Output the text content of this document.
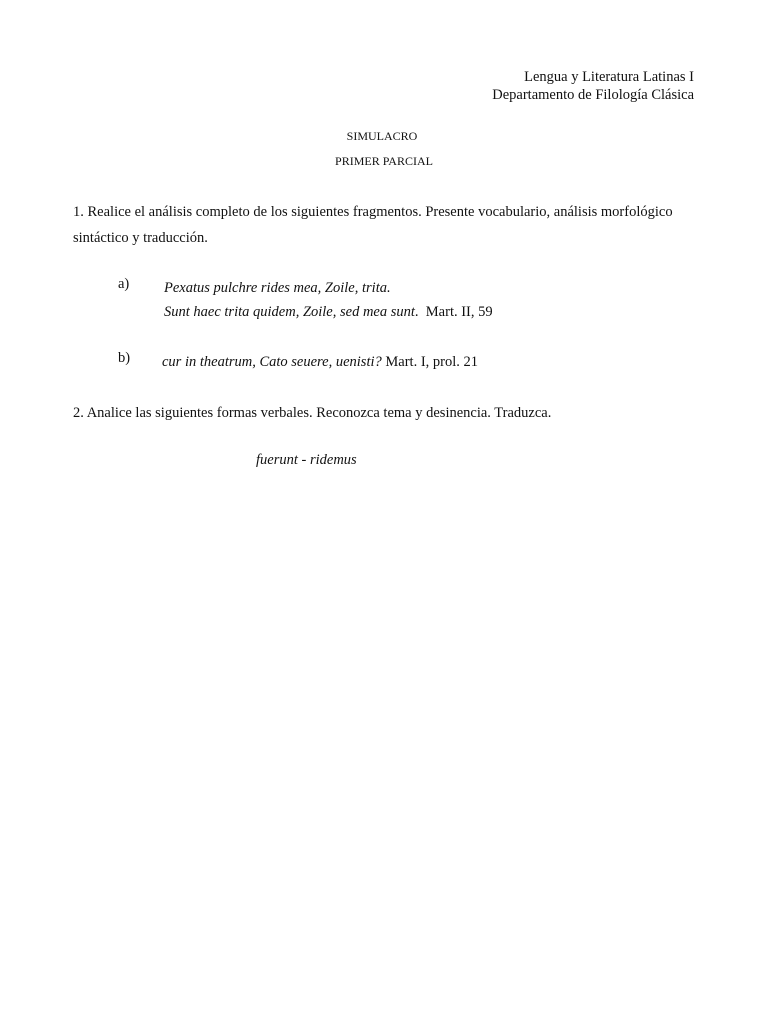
Lengua y Literatura Latinas I
Departamento de Filología Clásica
SIMULACRO
PRIMER PARCIAL
1. Realice el análisis completo de los siguientes fragmentos. Presente vocabulario, análisis morfológico sintáctico y traducción.
a) Pexatus pulchre rides mea, Zoile, trita.
Sunt haec trita quidem, Zoile, sed mea sunt.  Mart. II, 59
b) cur in theatrum, Cato seuere, uenisti? Mart. I, prol. 21
2. Analice las siguientes formas verbales. Reconozca tema y desinencia. Traduzca.
fuerunt - ridemus
